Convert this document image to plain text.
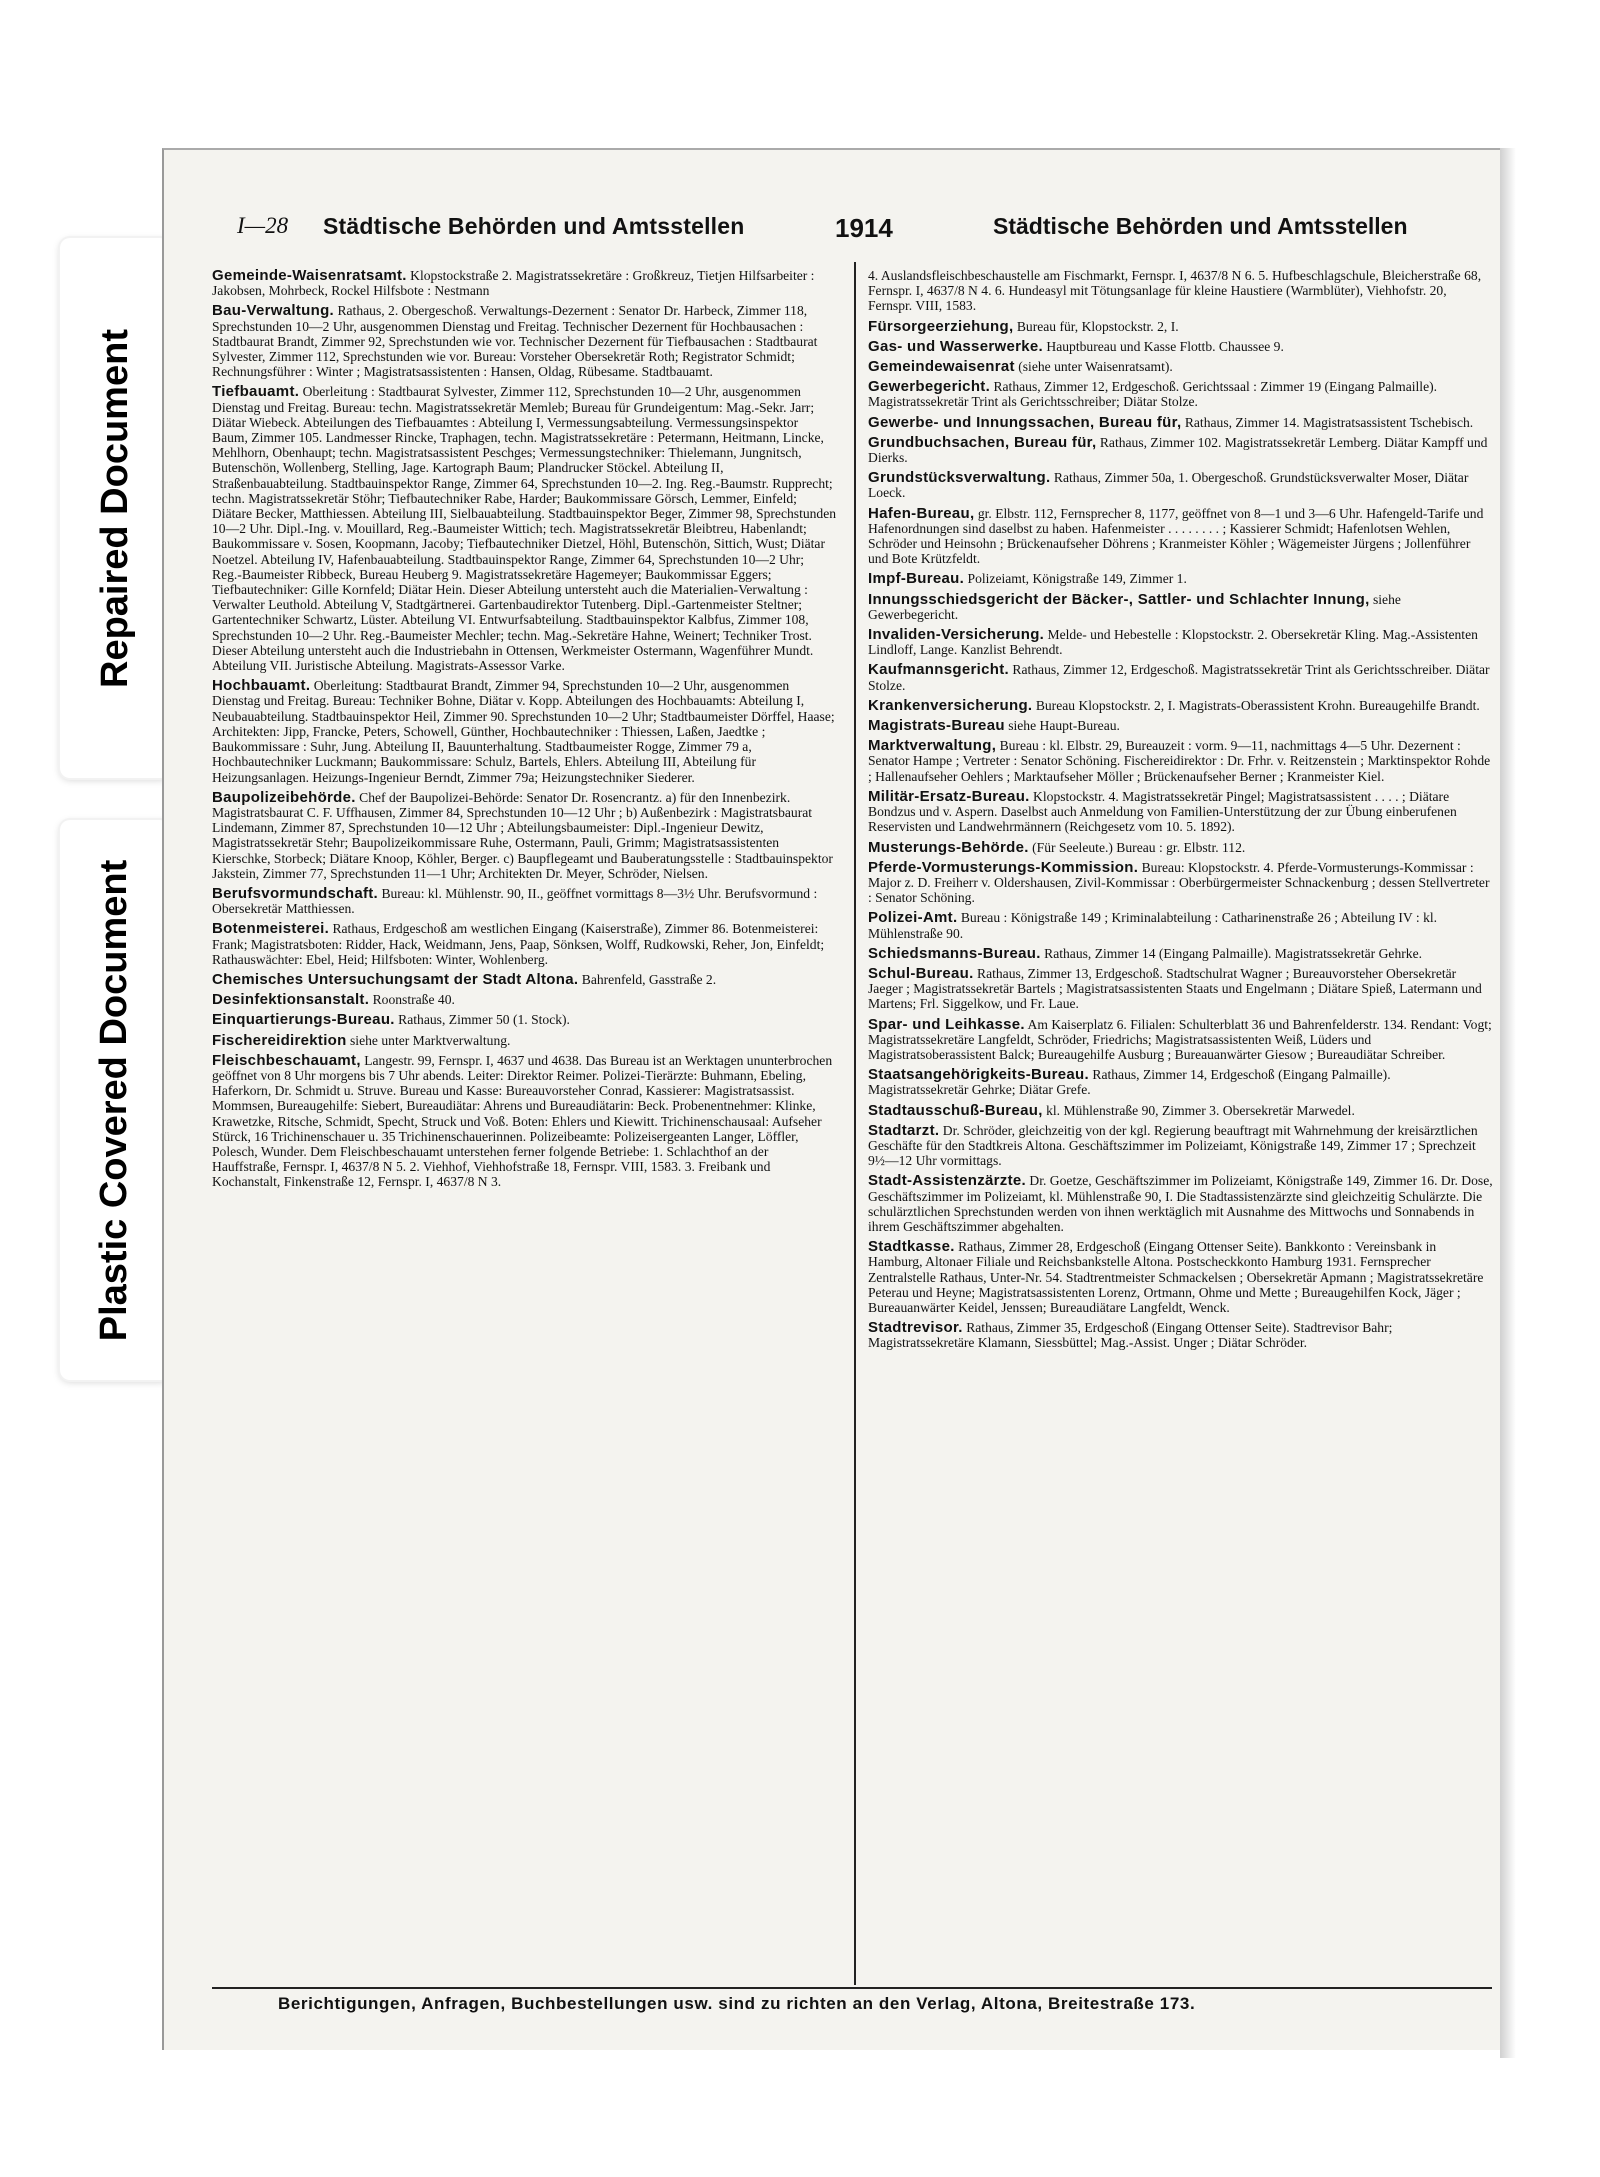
Repaired Document
Plastic Covered Document
I—28 Städtische Behörden und Amtsstellen	1914	Städtische Behörden und Amtsstellen

Gemeinde-Waisenratsamt. Klopstockstraße 2. Magistratssekretäre : Großkreuz, Tietjen Hilfsarbeiter : Jakobsen, Mohrbeck, Rockel Hilfsbote : Nestmann

Bau-Verwaltung. Rathaus, 2. Obergeschoß. Verwaltungs-Dezernent : Senator Dr. Harbeck, Zimmer 118, Sprechstunden 10—2 Uhr, ausgenommen Dienstag und Freitag. Technischer Dezernent für Hochbausachen : Stadtbaurat Brandt, Zimmer 92, Sprechstunden wie vor. Technischer Dezernent für Tiefbausachen : Stadtbaurat Sylvester, Zimmer 112, Sprechstunden wie vor. Bureau: Vorsteher Obersekretär Roth; Registrator Schmidt; Rechnungsführer : Winter ; Magistratsassistenten : Hansen, Oldag, Rübesame. Stadtbauamt.

Tiefbauamt. Oberleitung : Stadtbaurat Sylvester, Zimmer 112, Sprechstunden 10—2 Uhr, ausgenommen Dienstag und Freitag. Bureau: techn. Magistratssekretär Memleb; Bureau für Grundeigentum: Mag.-Sekr. Jarr; Diätar Wiebeck. Abteilungen des Tiefbauamtes : Abteilung I, Vermessungsabteilung. Vermessungsinspektor Baum, Zimmer 105. Landmesser Rincke, Traphagen, techn. Magistratssekretäre : Petermann, Heitmann, Lincke, Mehlhorn, Obenhaupt; techn. Magistratsassistent Peschges; Vermessungstechniker: Thielemann, Jungnitsch, Butenschön, Wollenberg, Stelling, Jage. Kartograph Baum; Plandrucker Stöckel. Abteilung II, Straßenbauabteilung. Stadtbauinspektor Range, Zimmer 64, Sprechstunden 10—2. Ing. Reg.-Baumstr. Rupprecht; techn. Magistratssekretär Stöhr; Tiefbautechniker Rabe, Harder; Baukommissare Görsch, Lemmer, Einfeld; Diätare Becker, Matthiessen. Abteilung III, Sielbauabteilung. Stadtbauinspektor Beger, Zimmer 98, Sprechstunden 10—2 Uhr. Dipl.-Ing. v. Mouillard, Reg.-Baumeister Wittich; tech. Magistratssekretär Bleibtreu, Habenlandt; Baukommissare v. Sosen, Koopmann, Jacoby; Tiefbautechniker Dietzel, Höhl, Butenschön, Sittich, Wust; Diätar Noetzel. Abteilung IV, Hafenbauabteilung. Stadtbauinspektor Range, Zimmer 64, Sprechstunden 10—2 Uhr; Reg.-Baumeister Ribbeck, Bureau Heuberg 9. Magistratssekretäre Hagemeyer; Baukommissar Eggers; Tiefbautechniker: Gille Kornfeld; Diätar Hein. Dieser Abteilung untersteht auch die Materialien-Verwaltung : Verwalter Leuthold. Abteilung V, Stadtgärtnerei. Gartenbaudirektor Tutenberg. Dipl.-Gartenmeister Steltner; Gartentechniker Schwartz, Lüster. Abteilung VI. Entwurfsabteilung. Stadtbauinspektor Kalbfus, Zimmer 108, Sprechstunden 10—2 Uhr. Reg.-Baumeister Mechler; techn. Mag.-Sekretäre Hahne, Weinert; Techniker Trost. Dieser Abteilung untersteht auch die Industriebahn in Ottensen, Werkmeister Ostermann, Wagenführer Mundt. Abteilung VII. Juristische Abteilung. Magistrats-Assessor Varke.

Hochbauamt. Oberleitung: Stadtbaurat Brandt, Zimmer 94, Sprechstunden 10—2 Uhr, ausgenommen Dienstag und Freitag. Bureau: Techniker Bohne, Diätar v. Kopp. Abteilungen des Hochbauamts: Abteilung I, Neubauabteilung. Stadtbauinspektor Heil, Zimmer 90. Sprechstunden 10—2 Uhr; Stadtbaumeister Dörffel, Haase; Architekten: Jipp, Francke, Peters, Schowell, Günther, Hochbautechniker : Thiessen, Laßen, Jaedtke ; Baukommissare : Suhr, Jung. Abteilung II, Bauunterhaltung. Stadtbaumeister Rogge, Zimmer 79 a, Hochbautechniker Luckmann; Baukommissare: Schulz, Bartels, Ehlers. Abteilung III, Abteilung für Heizungsanlagen. Heizungs-Ingenieur Berndt, Zimmer 79a; Heizungstechniker Siederer.

Baupolizeibehörde. Chef der Baupolizei-Behörde: Senator Dr. Rosencrantz. a) für den Innenbezirk. Magistratsbaurat C. F. Uffhausen, Zimmer 84, Sprechstunden 10—12 Uhr ; b) Außenbezirk : Magistratsbaurat Lindemann, Zimmer 87, Sprechstunden 10—12 Uhr ; Abteilungsbaumeister: Dipl.-Ingenieur Dewitz, Magistratssekretär Stehr; Baupolizeikommissare Ruhe, Ostermann, Pauli, Grimm; Magistratsassistenten Kierschke, Storbeck; Diätare Knoop, Köhler, Berger. c) Baupflegeamt und Bauberatungsstelle : Stadtbauinspektor Jakstein, Zimmer 77, Sprechstunden 11—1 Uhr; Architekten Dr. Meyer, Schröder, Nielsen.

Berufsvormundschaft. Bureau: kl. Mühlenstr. 90, II., geöffnet vormittags 8—3½ Uhr. Berufsvormund : Obersekretär Matthiessen.

Botenmeisterei. Rathaus, Erdgeschoß am westlichen Eingang (Kaiserstraße), Zimmer 86. Botenmeisterei: Frank; Magistratsboten: Ridder, Hack, Weidmann, Jens, Paap, Sönksen, Wolff, Rudkowski, Reher, Jon, Einfeldt; Rathauswächter: Ebel, Heid; Hilfsboten: Winter, Wohlenberg.

Chemisches Untersuchungsamt der Stadt Altona. Bahrenfeld, Gasstraße 2.

Desinfektionsanstalt. Roonstraße 40.

Einquartierungs-Bureau. Rathaus, Zimmer 50 (1. Stock).

Fischereidirektion siehe unter Marktverwaltung.

Fleischbeschauamt, Langestr. 99, Fernspr. I, 4637 und 4638. Das Bureau ist an Werktagen ununterbrochen geöffnet von 8 Uhr morgens bis 7 Uhr abends. Leiter: Direktor Reimer. Polizei-Tierärzte: Buhmann, Ebeling, Haferkorn, Dr. Schmidt u. Struve. Bureau und Kasse: Bureauvorsteher Conrad, Kassierer: Magistratsassist. Mommsen, Bureaugehilfe: Siebert, Bureaudiätar: Ahrens und Bureaudiätarin: Beck. Probenentnehmer: Klinke, Krawetzke, Ritsche, Schmidt, Specht, Struck und Voß. Boten: Ehlers und Kiewitt. Trichinenschausaal: Aufseher Stürck, 16 Trichinenschauer u. 35 Trichinenschauerinnen. Polizeibeamte: Polizeisergeanten Langer, Löffler, Polesch, Wunder. Dem Fleischbeschauamt unterstehen ferner folgende Betriebe: 1. Schlachthof an der Hauffstraße, Fernspr. I, 4637/8 N 5. 2. Viehhof, Viehhofstraße 18, Fernspr. VIII, 1583. 3. Freibank und Kochanstalt, Finkenstraße 12, Fernspr. I, 4637/8 N 3.

4. Auslandsfleischbeschaustelle am Fischmarkt, Fernspr. I, 4637/8 N 6. 5. Hufbeschlagschule, Bleicherstraße 68, Fernspr. I, 4637/8 N 4. 6. Hundeasyl mit Tötungsanlage für kleine Haustiere (Warmblüter), Viehhofstr. 20, Fernspr. VIII, 1583.

Fürsorgeerziehung, Bureau für, Klopstockstr. 2, I.

Gas- und Wasserwerke. Hauptbureau und Kasse Flottb. Chaussee 9.

Gemeindewaisenrat (siehe unter Waisenratsamt).

Gewerbegericht. Rathaus, Zimmer 12, Erdgeschoß. Gerichtssaal : Zimmer 19 (Eingang Palmaille). Magistratssekretär Trint als Gerichtsschreiber; Diätar Stolze.

Gewerbe- und Innungssachen, Bureau für, Rathaus, Zimmer 14. Magistratsassistent Tschebisch.

Grundbuchsachen, Bureau für, Rathaus, Zimmer 102. Magistratssekretär Lemberg. Diätar Kampff und Dierks.

Grundstücksverwaltung. Rathaus, Zimmer 50a, 1. Obergeschoß. Grundstücksverwalter Moser, Diätar Loeck.

Hafen-Bureau, gr. Elbstr. 112, Fernsprecher 8, 1177, geöffnet von 8—1 und 3—6 Uhr. Hafengeld-Tarife und Hafenordnungen sind daselbst zu haben. Hafenmeister . . . . . . . . ; Kassierer Schmidt; Hafenlotsen Wehlen, Schröder und Heinsohn ; Brückenaufseher Döhrens ; Kranmeister Köhler ; Wägemeister Jürgens ; Jollenführer und Bote Krützfeldt.

Impf-Bureau. Polizeiamt, Königstraße 149, Zimmer 1.

Innungsschiedsgericht der Bäcker-, Sattler- und Schlachter Innung, siehe Gewerbegericht.

Invaliden-Versicherung. Melde- und Hebestelle : Klopstockstr. 2. Obersekretär Kling. Mag.-Assistenten Lindloff, Lange. Kanzlist Behrendt.

Kaufmannsgericht. Rathaus, Zimmer 12, Erdgeschoß. Magistratssekretär Trint als Gerichtsschreiber. Diätar Stolze.

Krankenversicherung. Bureau Klopstockstr. 2, I. Magistrats-Oberassistent Krohn. Bureaugehilfe Brandt.

Magistrats-Bureau siehe Haupt-Bureau.

Marktverwaltung, Bureau : kl. Elbstr. 29, Bureauzeit : vorm. 9—11, nachmittags 4—5 Uhr. Dezernent : Senator Hampe ; Vertreter : Senator Schöning. Fischereidirektor : Dr. Frhr. v. Reitzenstein ; Marktinspektor Rohde ; Hallenaufseher Oehlers ; Marktaufseher Möller ; Brückenaufseher Berner ; Kranmeister Kiel.

Militär-Ersatz-Bureau. Klopstockstr. 4. Magistratssekretär Pingel; Magistratsassistent . . . . ; Diätare Bondzus und v. Aspern. Daselbst auch Anmeldung von Familien-Unterstützung der zur Übung einberufenen Reservisten und Landwehrmännern (Reichgesetz vom 10. 5. 1892).

Musterungs-Behörde. (Für Seeleute.) Bureau : gr. Elbstr. 112.

Pferde-Vormusterungs-Kommission. Bureau: Klopstockstr. 4. Pferde-Vormusterungs-Kommissar : Major z. D. Freiherr v. Oldershausen, Zivil-Kommissar : Oberbürgermeister Schnackenburg ; dessen Stellvertreter : Senator Schöning.

Polizei-Amt. Bureau : Königstraße 149 ; Kriminalabteilung : Catharinenstraße 26 ; Abteilung IV : kl. Mühlenstraße 90.

Schiedsmanns-Bureau. Rathaus, Zimmer 14 (Eingang Palmaille). Magistratssekretär Gehrke.

Schul-Bureau. Rathaus, Zimmer 13, Erdgeschoß. Stadtschulrat Wagner ; Bureauvorsteher Obersekretär Jaeger ; Magistratssekretär Bartels ; Magistratsassistenten Staats und Engelmann ; Diätare Spieß, Latermann und Martens; Frl. Siggelkow, und Fr. Laue.

Spar- und Leihkasse. Am Kaiserplatz 6. Filialen: Schulterblatt 36 und Bahrenfelderstr. 134. Rendant: Vogt; Magistratssekretäre Langfeldt, Schröder, Friedrichs; Magistratsassistenten Weiß, Lüders und Magistratsoberassistent Balck; Bureaugehilfe Ausburg ; Bureauanwärter Giesow ; Bureaudiätar Schreiber.

Staatsangehörigkeits-Bureau. Rathaus, Zimmer 14, Erdgeschoß (Eingang Palmaille). Magistratssekretär Gehrke; Diätar Grefe.

Stadtausschuß-Bureau, kl. Mühlenstraße 90, Zimmer 3. Obersekretär Marwedel.

Stadtarzt. Dr. Schröder, gleichzeitig von der kgl. Regierung beauftragt mit Wahrnehmung der kreisärztlichen Geschäfte für den Stadtkreis Altona. Geschäftszimmer im Polizeiamt, Königstraße 149, Zimmer 17 ; Sprechzeit 9½—12 Uhr vormittags.

Stadt-Assistenzärzte. Dr. Goetze, Geschäftszimmer im Polizeiamt, Königstraße 149, Zimmer 16. Dr. Dose, Geschäftszimmer im Polizeiamt, kl. Mühlenstraße 90, I. Die Stadtassistenzärzte sind gleichzeitig Schulärzte. Die schulärztlichen Sprechstunden werden von ihnen werktäglich mit Ausnahme des Mittwochs und Sonnabends in ihrem Geschäftszimmer abgehalten.

Stadtkasse. Rathaus, Zimmer 28, Erdgeschoß (Eingang Ottenser Seite). Bankkonto : Vereinsbank in Hamburg, Altonaer Filiale und Reichsbankstelle Altona. Postscheckkonto Hamburg 1931. Fernsprecher Zentralstelle Rathaus, Unter-Nr. 54. Stadtrentmeister Schmackelsen ; Obersekretär Apmann ; Magistratssekretäre Peterau und Heyne; Magistratsassistenten Lorenz, Ortmann, Ohme und Mette ; Bureaugehilfen Kock, Jäger ; Bureauanwärter Keidel, Jenssen; Bureaudiätare Langfeldt, Wenck.

Stadtrevisor. Rathaus, Zimmer 35, Erdgeschoß (Eingang Ottenser Seite). Stadtrevisor Bahr; Magistratssekretäre Klamann, Siessbüttel; Mag.-Assist. Unger ; Diätar Schröder.

Berichtigungen, Anfragen, Buchbestellungen usw. sind zu richten an den Verlag, Altona, Breitestraße 173.
